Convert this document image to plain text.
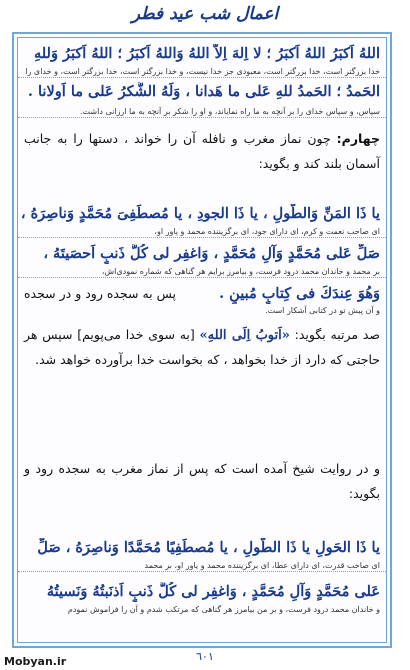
اعمال شب عید فطر
اللهُ اَكبَرُ اللهُ اَكبَرُ ؛ لا اِلهَ اِلاَّ اللهُ وَاللهُ اَكبَرُ ؛ اللهُ اَكبَرُ وَللهِ
خدا بزرگتر است، خدا بزرگتر است، معبودی جز خدا نیست، و خدا بزرگتر است، خدا بزرگتر است، و خدای را
الحَمدُ ؛ الحَمدُ للهِ عَلى ما هَدانا ، وَلَهُ الشُّكرُ عَلى ما اَولانا .
سپاس، و سپاس خدای را بر آنچه به ما راه نمایاند، و او را شکر بر آنچه به ما ارزانی داشت.
چهارم: چون نماز مغرب و نافله آن را خواند ، دستها را به جانب آسمان بلند کند و بگوید:
يا ذَا المَنِّ وَالطَّولِ ، يا ذَا الجودِ ، يا مُصطَفِىَ مُحَمَّدٍ وَناصِرَهُ ،
ای صاحب نعمت و کرم، ای دارای جود، ای برگزیننده محمد و یاور او،
صَلِّ عَلى مُحَمَّدٍ وَآلِ مُحَمَّدٍ ، وَاغفِر لى كُلَّ ذَنبٍ اَحصَيتَهُ ،
بر محمد و خاندان محمد درود فرست، و بیامرز برایم هر گناهی که شماره نمودی‌اش،
پس به سجده رود و در سجده	وَهُوَ عِندَكَ فى كِتابٍ مُبينٍ .
و آن پیش تو در کتابی آشکار است.
صد مرتبه بگوید: «اَتوبُ اِلَى اللهِ» [به سوی خدا می‌پویم] سپس هر حاجتی که دارد از خدا بخواهد ، که بخواست خدا برآورده خواهد شد.
و در روایت شیخ آمده است که پس از نماز مغرب به سجده رود و بگوید:
يا ذَا الحَولِ يا ذَا الطَّولِ ، يا مُصطَفِيًا مُحَمَّدًا وَناصِرَهُ ، صَلِّ
ای صاحب قدرت، ای دارای عطا، ای برگزیننده محمد و یاور او، بر محمد
عَلى مُحَمَّدٍ وَآلِ مُحَمَّدٍ ، وَاغفِر لى كُلَّ ذَنبٍ اَذنَبتُهُ وَنَسيتُهُ
و خاندان محمد درود فرست، و بر من بیامرز هر گناهی که مرتکب شدم و آن را فراموش نمودم
٦٠١
Mobyan.ir
